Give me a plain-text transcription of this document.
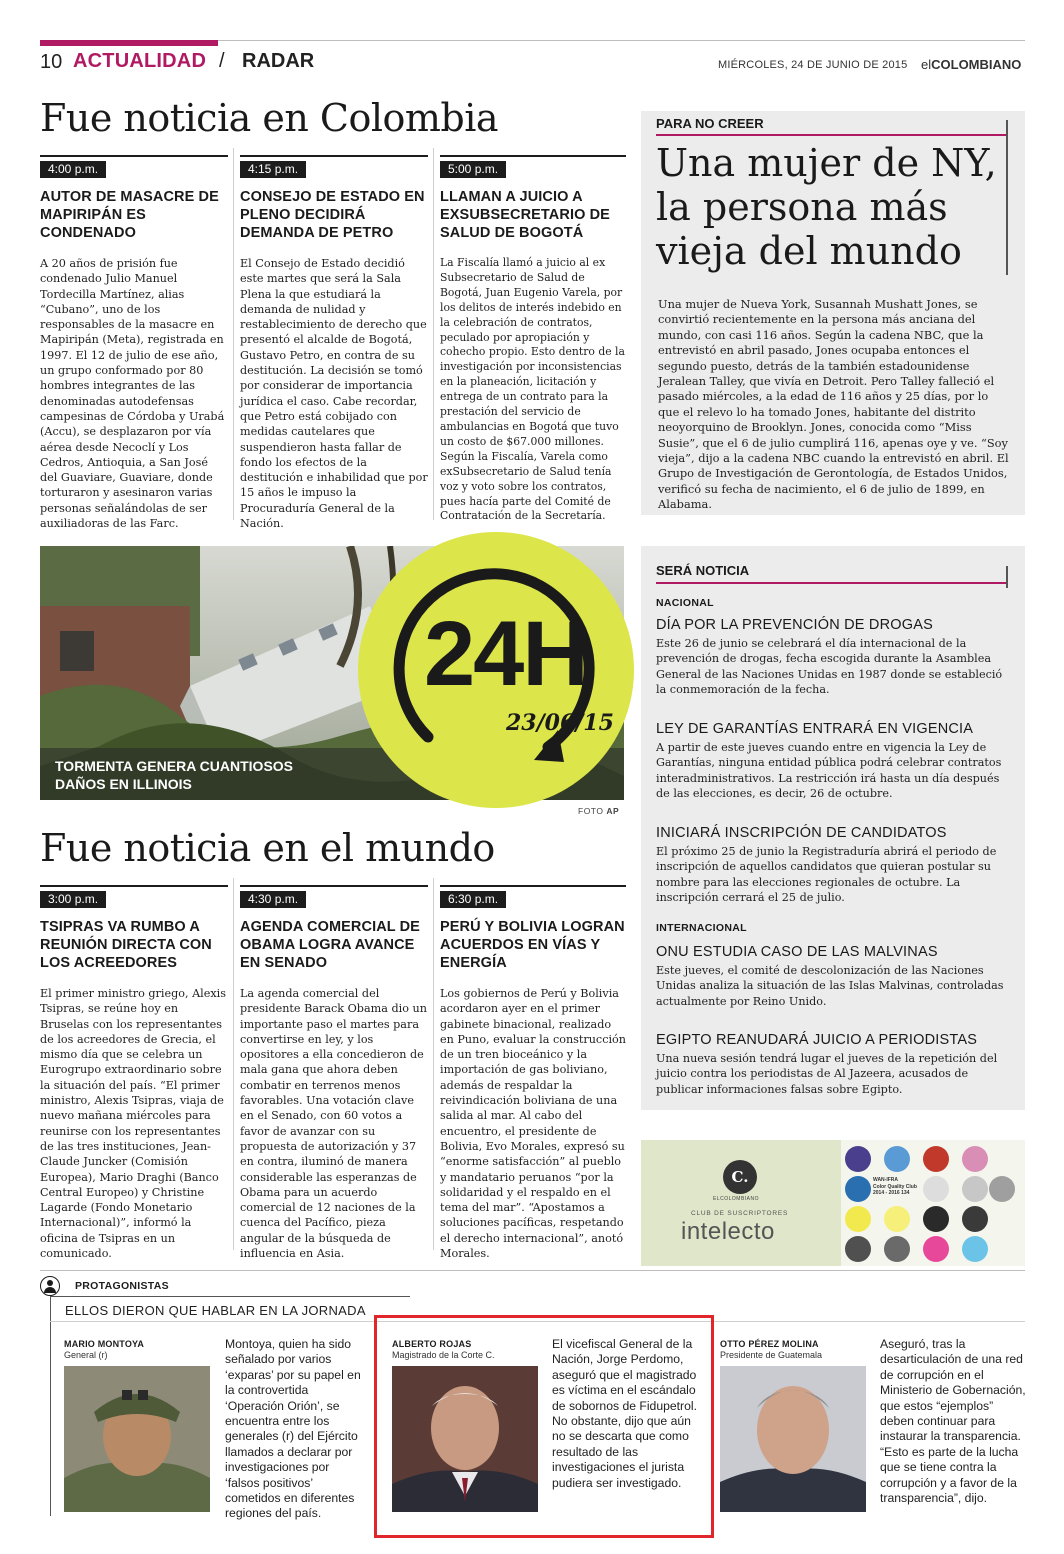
10 ACTUALIDAD / RADAR	MIÉRCOLES, 24 DE JUNIO DE 2015 elCOLOMBIANO
Fue noticia en Colombia
4:00 p.m.
AUTOR DE MASACRE DE MAPIRIPÁN ES CONDENADO
A 20 años de prisión fue condenado Julio Manuel Tordecilla Martínez, alias “Cubano”, uno de los responsables de la masacre en Mapiripán (Meta), registrada en 1997. El 12 de julio de ese año, un grupo conformado por 80 hombres integrantes de las denominadas autodefensas campesinas de Córdoba y Urabá (Accu), se desplazaron por vía aérea desde Necoclí y Los Cedros, Antioquia, a San José del Guaviare, Guaviare, donde torturaron y asesinaron varias personas señalándolas de ser auxiliadoras de las Farc.
4:15 p.m.
CONSEJO DE ESTADO EN PLENO DECIDIRÁ DEMANDA DE PETRO
El Consejo de Estado decidió este martes que será la Sala Plena la que estudiará la demanda de nulidad y restablecimiento de derecho que presentó el alcalde de Bogotá, Gustavo Petro, en contra de su destitución. La decisión se tomó por considerar de importancia jurídica el caso. Cabe recordar, que Petro está cobijado con medidas cautelares que suspendieron hasta fallar de fondo los efectos de la destitución e inhabilidad que por 15 años le impuso la Procuraduría General de la Nación.
5:00 p.m.
LLAMAN A JUICIO A EXSUBSECRETARIO DE SALUD DE BOGOTÁ
La Fiscalía llamó a juicio al ex Subsecretario de Salud de Bogotá, Juan Eugenio Varela, por los delitos de interés indebido en la celebración de contratos, peculado por apropiación y cohecho propio. Esto dentro de la investigación por inconsistencias en la planeación, licitación y entrega de un contrato para la prestación del servicio de ambulancias en Bogotá que tuvo un costo de $67.000 millones. Según la Fiscalía, Varela como exSubsecretario de Salud tenía voz y voto sobre los contratos, pues hacía parte del Comité de Contratación de la Secretaría.
PARA NO CREER
Una mujer de NY, la persona más vieja del mundo
Una mujer de Nueva York, Susannah Mushatt Jones, se convirtió recientemente en la persona más anciana del mundo, con casi 116 años. Según la cadena NBC, que la entrevistó en abril pasado, Jones ocupaba entonces el segundo puesto, detrás de la también estadounidense Jeralean Talley, que vivía en Detroit. Pero Talley falleció el pasado miércoles, a la edad de 116 años y 25 días, por lo que el relevo lo ha tomado Jones, habitante del distrito neoyorquino de Brooklyn. Jones, conocida como “Miss Susie”, que el 6 de julio cumplirá 116, apenas oye y ve. “Soy vieja”, dijo a la cadena NBC cuando la entrevistó en abril. El Grupo de Investigación de Gerontología, de Estados Unidos, verificó su fecha de nacimiento, el 6 de julio de 1899, en Alabama.
TORMENTA GENERA CUANTIOSOS
DAÑOS EN ILLINOIS
24H
23/06/15
FOTO AP
SERÁ NOTICIA
NACIONAL
DÍA POR LA PREVENCIÓN DE DROGAS
Este 26 de junio se celebrará el día internacional de la prevención de drogas, fecha escogida durante la Asamblea General de las Naciones Unidas en 1987 donde se estableció la conmemoración de la fecha.
LEY DE GARANTÍAS ENTRARÁ EN VIGENCIA
A partir de este jueves cuando entre en vigencia la Ley de Garantías, ninguna entidad pública podrá celebrar contratos interadministrativos. La restricción irá hasta un día después de las elecciones, es decir, 26 de octubre.
INICIARÁ INSCRIPCIÓN DE CANDIDATOS
El próximo 25 de junio la Registraduría abrirá el periodo de inscripción de aquellos candidatos que quieran postular su nombre para las elecciones regionales de octubre. La inscripción cerrará el 25 de julio.
INTERNACIONAL
ONU ESTUDIA CASO DE LAS MALVINAS
Este jueves, el comité de descolonización de las Naciones Unidas analiza la situación de las Islas Malvinas, controladas actualmente por Reino Unido.
EGIPTO REANUDARÁ JUICIO A PERIODISTAS
Una nueva sesión tendrá lugar el jueves de la repetición del juicio contra los periodistas de Al Jazeera, acusados de publicar informaciones falsas sobre Egipto.
C.
ELCOLOMBIANO
CLUB DE SUSCRIPTORES
intelecto
WAN-IFRA
Color Quality Club
2014 - 2016 134
Fue noticia en el mundo
3:00 p.m.
TSIPRAS VA RUMBO A REUNIÓN DIRECTA CON LOS ACREEDORES
El primer ministro griego, Alexis Tsipras, se reúne hoy en Bruselas con los representantes de los acreedores de Grecia, el mismo día que se celebra un Eurogrupo extraordinario sobre la situación del país. “El primer ministro, Alexis Tsipras, viaja de nuevo mañana miércoles para reunirse con los representantes de las tres instituciones, Jean-Claude Juncker (Comisión Europea), Mario Draghi (Banco Central Europeo) y Christine Lagarde (Fondo Monetario Internacional)”, informó la oficina de Tsipras en un comunicado.
4:30 p.m.
AGENDA COMERCIAL DE OBAMA LOGRA AVANCE EN SENADO
La agenda comercial del presidente Barack Obama dio un importante paso el martes para convertirse en ley, y los opositores a ella concedieron de mala gana que ahora deben combatir en terrenos menos favorables. Una votación clave en el Senado, con 60 votos a favor de avanzar con su propuesta de autorización y 37 en contra, iluminó de manera considerable las esperanzas de Obama para un acuerdo comercial de 12 naciones de la cuenca del Pacífico, pieza angular de la búsqueda de influencia en Asia.
6:30 p.m.
PERÚ Y BOLIVIA LOGRAN ACUERDOS EN VÍAS Y ENERGÍA
Los gobiernos de Perú y Bolivia acordaron ayer en el primer gabinete binacional, realizado en Puno, evaluar la construcción de un tren bioceánico y la importación de gas boliviano, además de respaldar la reivindicación boliviana de una salida al mar. Al cabo del encuentro, el presidente de Bolivia, Evo Morales, expresó su “enorme satisfacción” al pueblo y mandatario peruanos “por la solidaridad y el respaldo en el tema del mar”. “Apostamos a soluciones pacíficas, respetando el derecho internacional”, anotó Morales.
PROTAGONISTAS
ELLOS DIERON QUE HABLAR EN LA JORNADA
MARIO MONTOYA
General (r)
Montoya, quien ha sido señalado por varios ‘exparas’ por su papel en la controvertida ‘Operación Orión’, se encuentra entre los generales (r) del Ejército llamados a declarar por investigaciones por ‘falsos positivos’ cometidos en diferentes regiones del país.
ALBERTO ROJAS
Magistrado de la Corte C.
El vicefiscal General de la Nación, Jorge Perdomo, aseguró que el magistrado es víctima en el escándalo de sobornos de Fidupetrol. No obstante, dijo que aún no se descarta que como resultado de las investigaciones el jurista pudiera ser investigado.
OTTO PÉREZ MOLINA
Presidente de Guatemala
Aseguró, tras la desarticulación de una red de corrupción en el Ministerio de Gobernación, que estos “ejemplos” deben continuar para instaurar la transparencia. “Esto es parte de la lucha que se tiene contra la corrupción y a favor de la transparencia”, dijo.
